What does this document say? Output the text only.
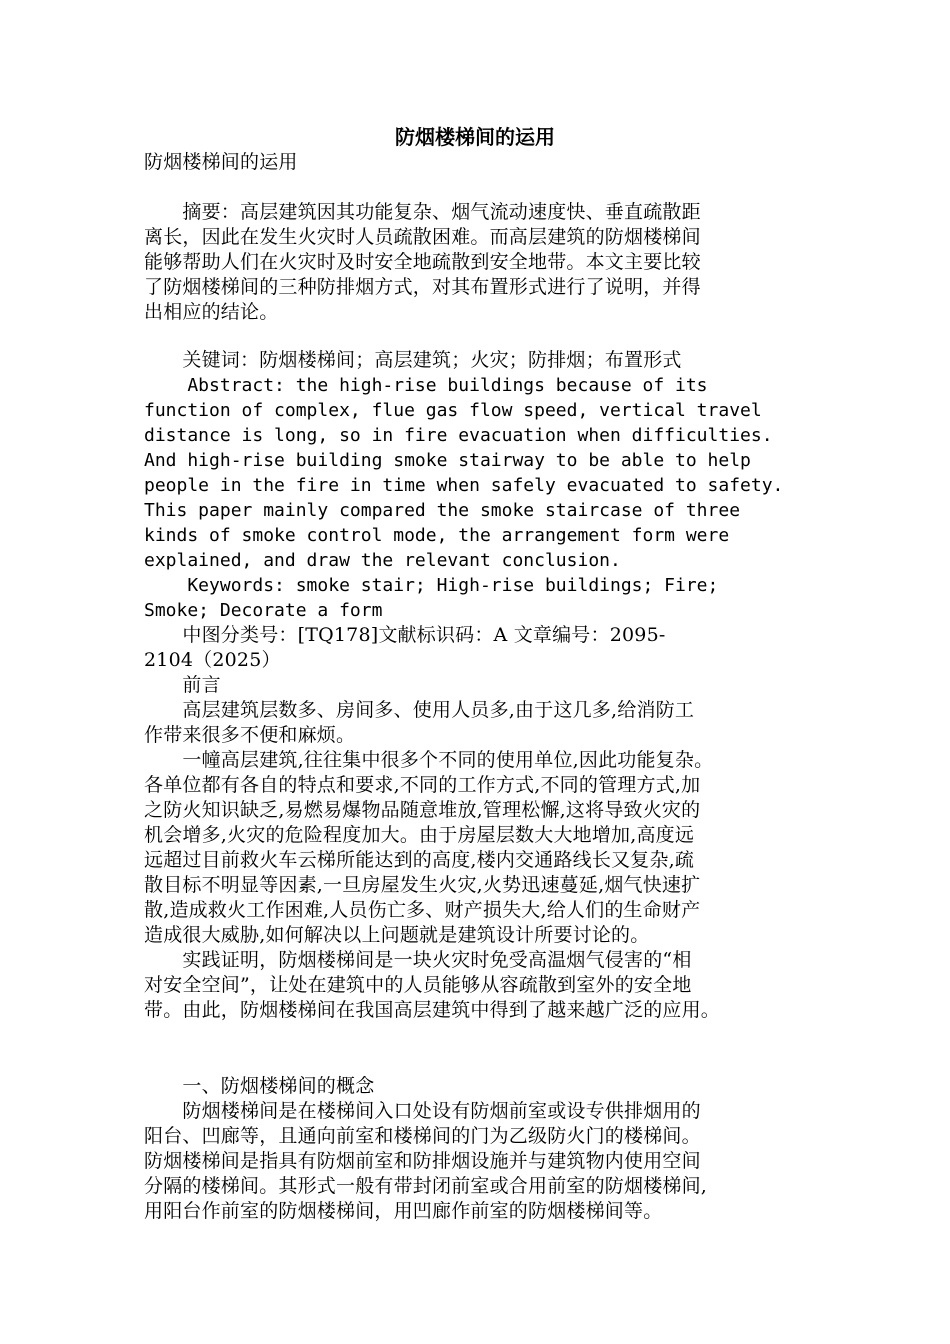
防烟楼梯间的运用
防烟楼梯间的运用
　　摘要：高层建筑因其功能复杂、烟气流动速度快、垂直疏散距
离长，因此在发生火灾时人员疏散困难。而高层建筑的防烟楼梯间
能够帮助人们在火灾时及时安全地疏散到安全地带。本文主要比较
了防烟楼梯间的三种防排烟方式，对其布置形式进行了说明，并得
出相应的结论。
　　关键词：防烟楼梯间；高层建筑；火灾；防排烟；布置形式
Abstract: the high-rise buildings because of its
function of complex, flue gas flow speed, vertical travel
distance is long, so in fire evacuation when difficulties.
And high-rise building smoke stairway to be able to help
people in the fire in time when safely evacuated to safety.
This paper mainly compared the smoke staircase of three
kinds of smoke control mode, the arrangement form were
explained, and draw the relevant conclusion.
Keywords: smoke stair; High-rise buildings; Fire;
Smoke; Decorate a form
　　中图分类号：[TQ178]文献标识码：A 文章编号：2095-
2104（2025）
　　前言
　　高层建筑层数多、房间多、使用人员多,由于这几多,给消防工
作带来很多不便和麻烦。
　　一幢高层建筑,往往集中很多个不同的使用单位,因此功能复杂。
各单位都有各自的特点和要求,不同的工作方式,不同的管理方式,加
之防火知识缺乏,易燃易爆物品随意堆放,管理松懈,这将导致火灾的
机会增多,火灾的危险程度加大。由于房屋层数大大地增加,高度远
远超过目前救火车云梯所能达到的高度,楼内交通路线长又复杂,疏
散目标不明显等因素,一旦房屋发生火灾,火势迅速蔓延,烟气快速扩
散,造成救火工作困难,人员伤亡多、财产损失大,给人们的生命财产
造成很大威胁,如何解决以上问题就是建筑设计所要讨论的。
　　实践证明，防烟楼梯间是一块火灾时免受高温烟气侵害的“相
对安全空间”，让处在建筑中的人员能够从容疏散到室外的安全地
带。由此，防烟楼梯间在我国高层建筑中得到了越来越广泛的应用。
　　一、防烟楼梯间的概念
　　防烟楼梯间是在楼梯间入口处设有防烟前室或设专供排烟用的
阳台、凹廊等，且通向前室和楼梯间的门为乙级防火门的楼梯间。
防烟楼梯间是指具有防烟前室和防排烟设施并与建筑物内使用空间
分隔的楼梯间。其形式一般有带封闭前室或合用前室的防烟楼梯间,
用阳台作前室的防烟楼梯间，用凹廊作前室的防烟楼梯间等。
